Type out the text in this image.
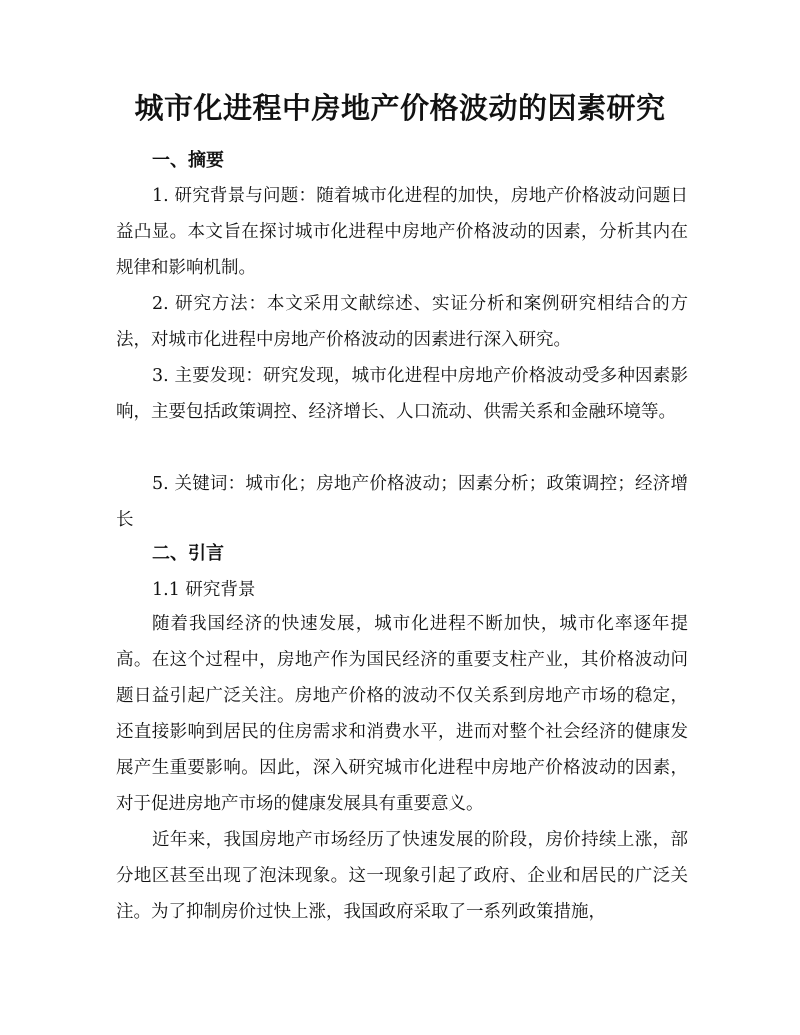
城市化进程中房地产价格波动的因素研究
一、摘要
1. 研究背景与问题：随着城市化进程的加快，房地产价格波动问题日益凸显。本文旨在探讨城市化进程中房地产价格波动的因素，分析其内在规律和影响机制。
2. 研究方法：本文采用文献综述、实证分析和案例研究相结合的方法，对城市化进程中房地产价格波动的因素进行深入研究。
3. 主要发现：研究发现，城市化进程中房地产价格波动受多种因素影响，主要包括政策调控、经济增长、人口流动、供需关系和金融环境等。
5. 关键词：城市化；房地产价格波动；因素分析；政策调控；经济增长
二、引言
1.1 研究背景
随着我国经济的快速发展，城市化进程不断加快，城市化率逐年提高。在这个过程中，房地产作为国民经济的重要支柱产业，其价格波动问题日益引起广泛关注。房地产价格的波动不仅关系到房地产市场的稳定，还直接影响到居民的住房需求和消费水平，进而对整个社会经济的健康发展产生重要影响。因此，深入研究城市化进程中房地产价格波动的因素，对于促进房地产市场的健康发展具有重要意义。
近年来，我国房地产市场经历了快速发展的阶段，房价持续上涨，部分地区甚至出现了泡沫现象。这一现象引起了政府、企业和居民的广泛关注。为了抑制房价过快上涨，我国政府采取了一系列政策措施，
